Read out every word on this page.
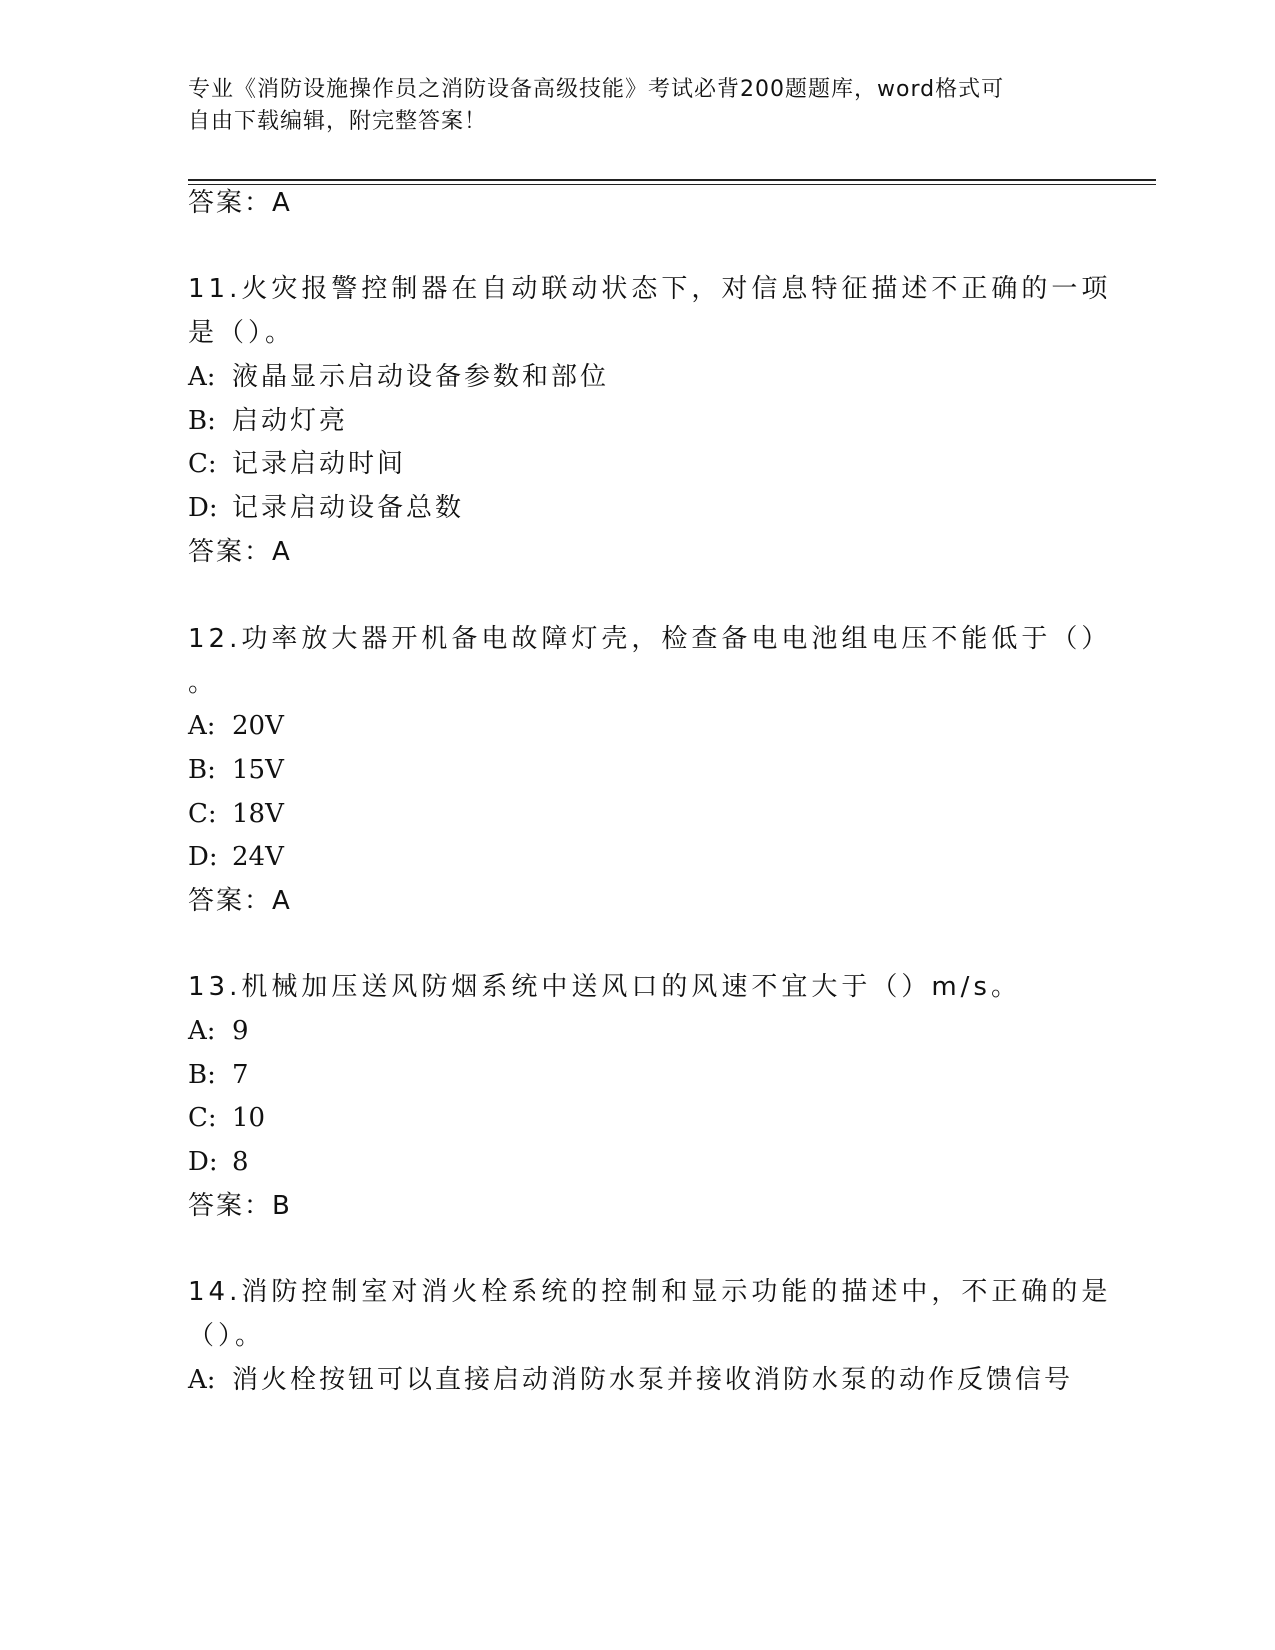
专业《消防设施操作员之消防设备高级技能》考试必背200题题库，word格式可
自由下载编辑，附完整答案！
答案：A
11.火灾报警控制器在自动联动状态下，对信息特征描述不正确的一项
是（）。
A: 液晶显示启动设备参数和部位
B: 启动灯亮
C: 记录启动时间
D: 记录启动设备总数
答案：A
12.功率放大器开机备电故障灯壳，检查备电电池组电压不能低于（）
。
A: 20V
B: 15V
C: 18V
D: 24V
答案：A
13.机械加压送风防烟系统中送风口的风速不宜大于（）m/s。
A: 9
B: 7
C: 10
D: 8
答案：B
14.消防控制室对消火栓系统的控制和显示功能的描述中，不正确的是
（）。
A: 消火栓按钮可以直接启动消防水泵并接收消防水泵的动作反馈信号
